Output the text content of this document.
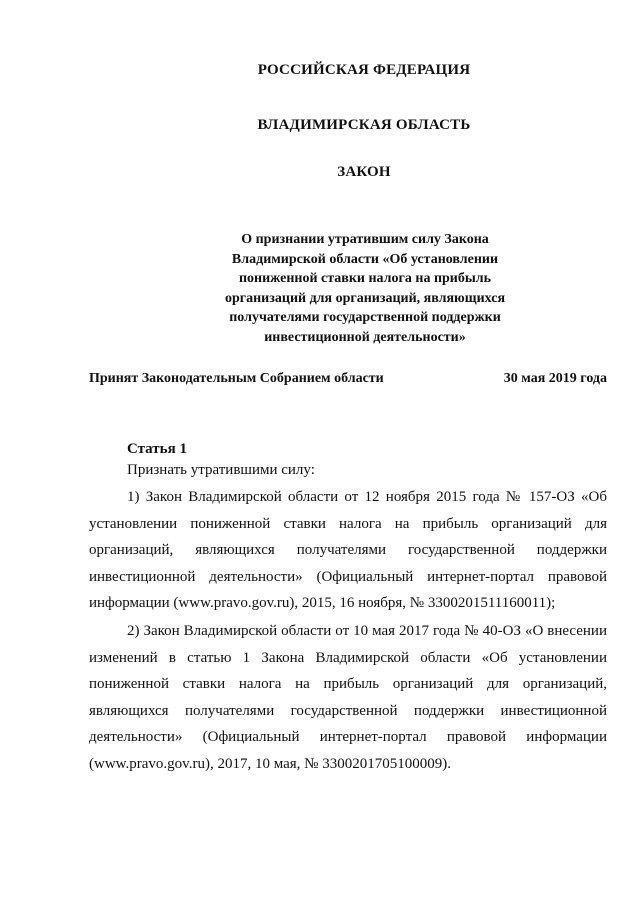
РОССИЙСКАЯ ФЕДЕРАЦИЯ
ВЛАДИМИРСКАЯ ОБЛАСТЬ
ЗАКОН
О признании утратившим силу Закона Владимирской области «Об установлении пониженной ставки налога на прибыль организаций для организаций, являющихся получателями государственной поддержки инвестиционной деятельности»
Принят Законодательным Собранием области	30 мая 2019 года
Статья 1
Признать утратившими силу:
1) Закон Владимирской области от 12 ноября 2015 года № 157-ОЗ «Об установлении пониженной ставки налога на прибыль организаций для организаций, являющихся получателями государственной поддержки инвестиционной деятельности» (Официальный интернет-портал правовой информации (www.pravo.gov.ru), 2015, 16 ноября, № 3300201511160011);
2) Закон Владимирской области от 10 мая 2017 года № 40-ОЗ «О внесении изменений в статью 1 Закона Владимирской области «Об установлении пониженной ставки налога на прибыль организаций для организаций, являющихся получателями государственной поддержки инвестиционной деятельности» (Официальный интернет-портал правовой информации (www.pravo.gov.ru), 2017, 10 мая, № 3300201705100009).
